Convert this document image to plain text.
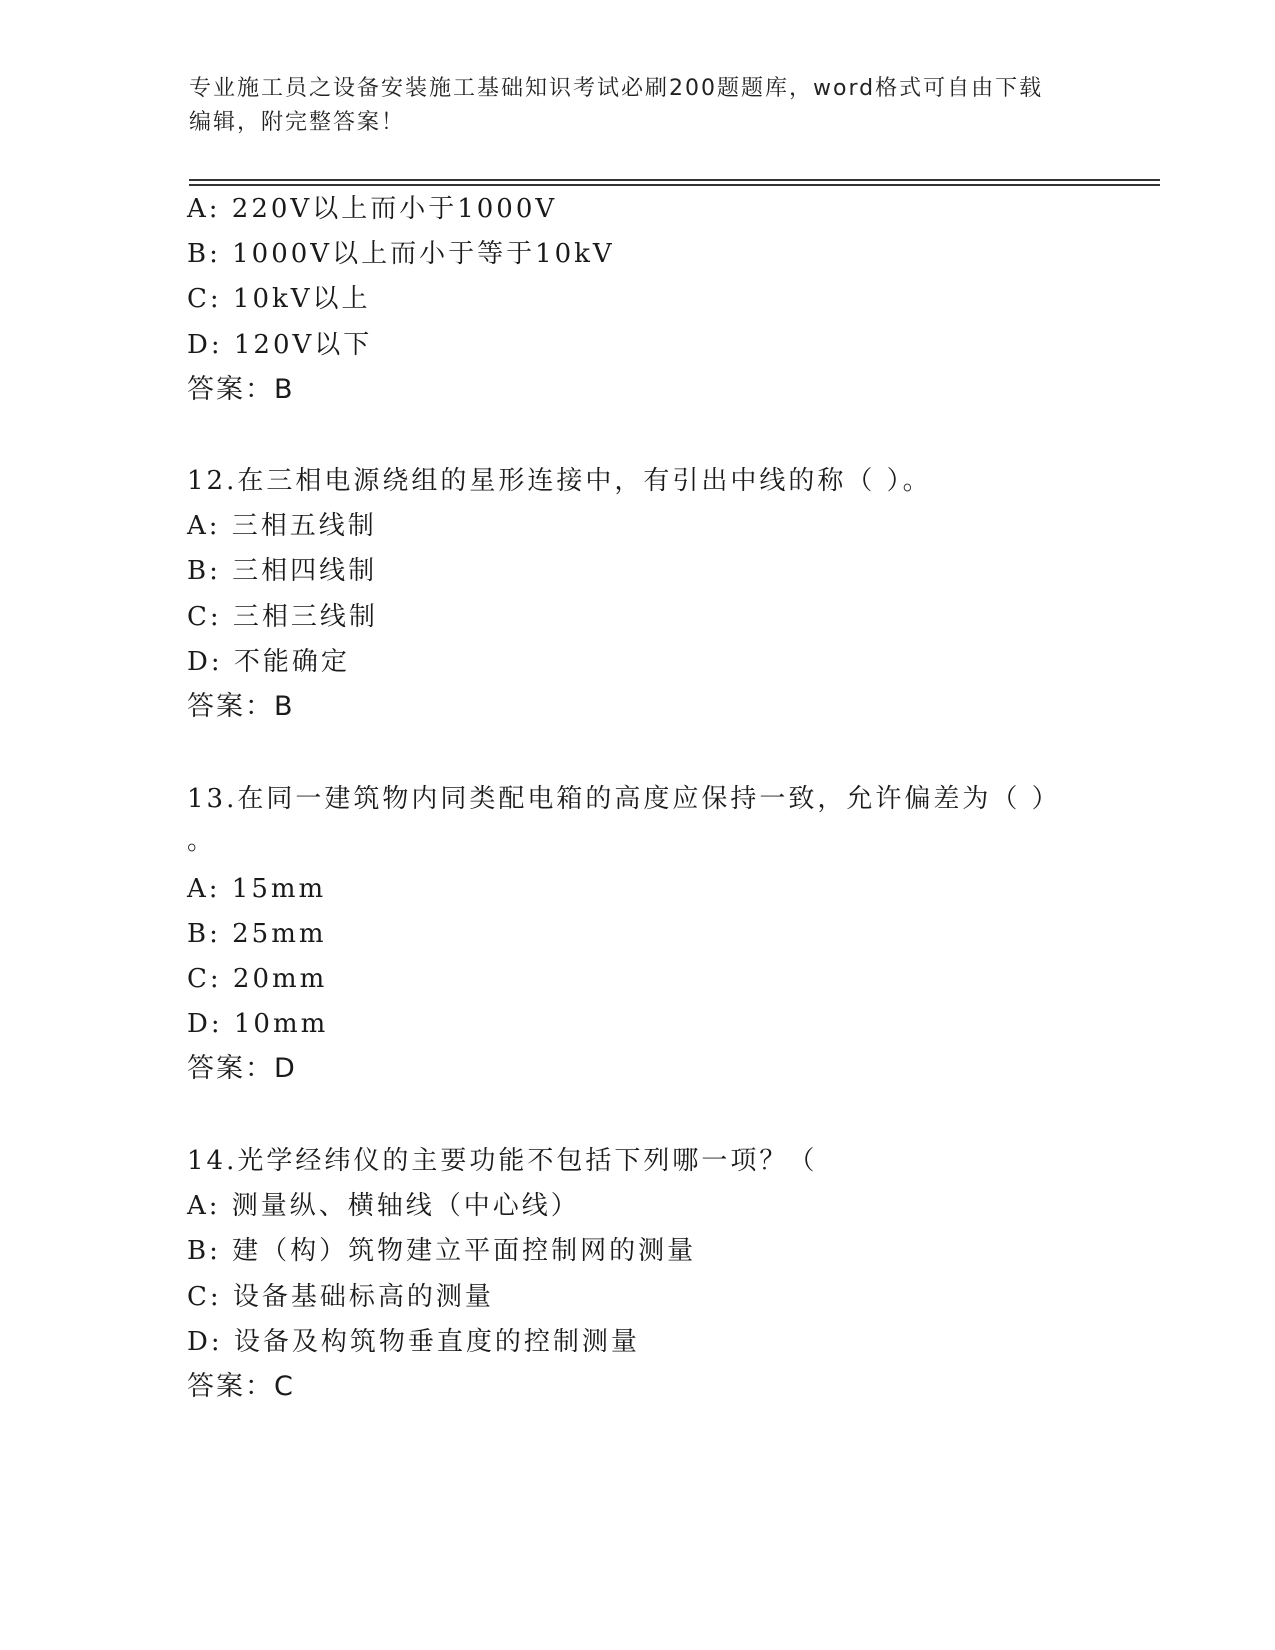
专业施工员之设备安装施工基础知识考试必刷200题题库，word格式可自由下载
编辑，附完整答案！
A: 220V以上而小于1000V
B: 1000V以上而小于等于10kV
C: 10kV以上
D: 120V以下
答案：B
12.在三相电源绕组的星形连接中，有引出中线的称（ ）。
A: 三相五线制
B: 三相四线制
C: 三相三线制
D: 不能确定
答案：B
13.在同一建筑物内同类配电箱的高度应保持一致，允许偏差为（ ）
。
A: 15mm
B: 25mm
C: 20mm
D: 10mm
答案：D
14.光学经纬仪的主要功能不包括下列哪一项？（
A: 测量纵、横轴线（中心线）
B: 建（构）筑物建立平面控制网的测量
C: 设备基础标高的测量
D: 设备及构筑物垂直度的控制测量
答案：C
